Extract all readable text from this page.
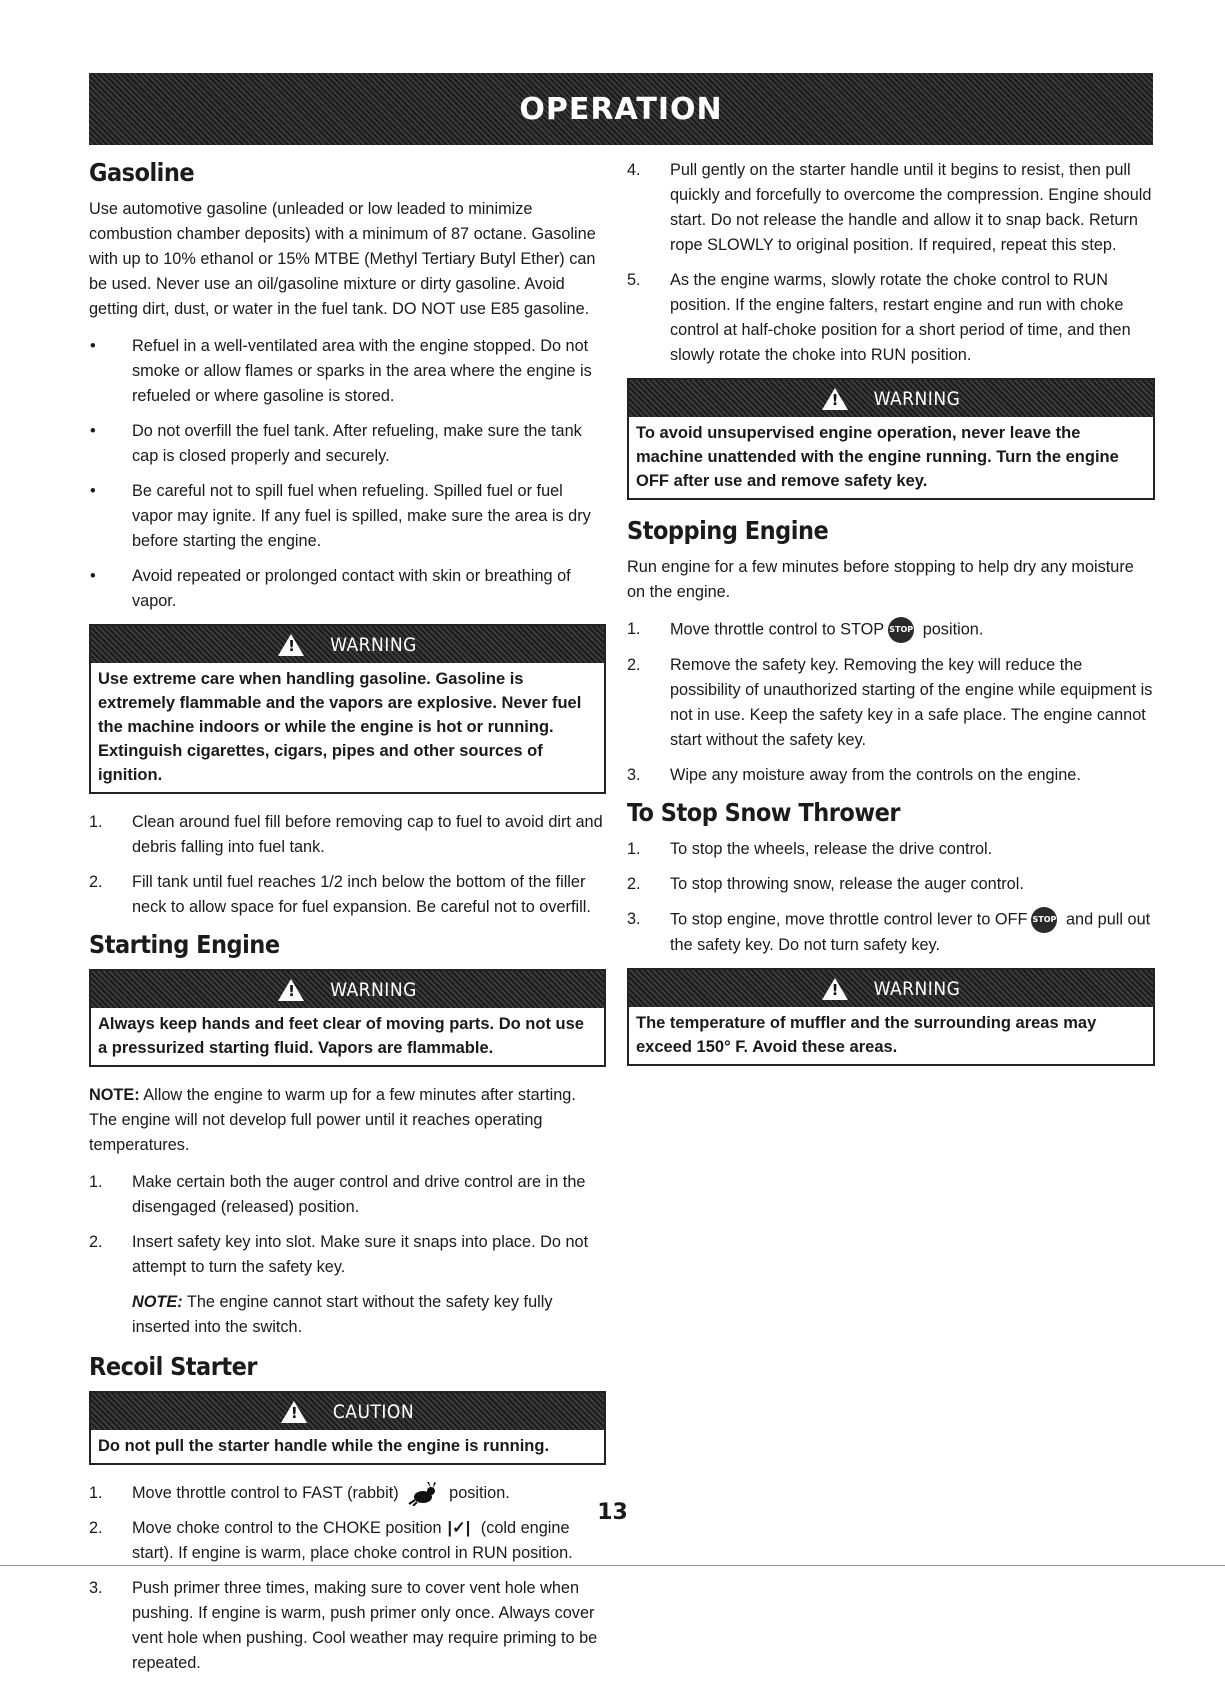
OPERATION
Gasoline

Use automotive gasoline (unleaded or low leaded to minimize combustion chamber deposits) with a minimum of 87 octane. Gasoline with up to 10% ethanol or 15% MTBE (Methyl Tertiary Butyl Ether) can be used. Never use an oil/gasoline mixture or dirty gasoline. Avoid getting dirt, dust, or water in the fuel tank. DO NOT use E85 gasoline.

• Refuel in a well-ventilated area with the engine stopped. Do not smoke or allow flames or sparks in the area where the engine is refueled or where gasoline is stored.
• Do not overfill the fuel tank. After refueling, make sure the tank cap is closed properly and securely.
• Be careful not to spill fuel when refueling. Spilled fuel or fuel vapor may ignite. If any fuel is spilled, make sure the area is dry before starting the engine.
• Avoid repeated or prolonged contact with skin or breathing of vapor.
!
WARNING
Use extreme care when handling gasoline. Gasoline is extremely flammable and the vapors are explosive. Never fuel the machine indoors or while the engine is hot or running. Extinguish cigarettes, cigars, pipes and other sources of ignition.
1. Clean around fuel fill before removing cap to fuel to avoid dirt and debris falling into fuel tank.
2. Fill tank until fuel reaches 1/2 inch below the bottom of the filler neck to allow space for fuel expansion. Be careful not to overfill.
Starting Engine
!
WARNING
Always keep hands and feet clear of moving parts. Do not use a pressurized starting fluid. Vapors are flammable.

NOTE: Allow the engine to warm up for a few minutes after starting. The engine will not develop full power until it reaches operating temperatures.

1. Make certain both the auger control and drive control are in the disengaged (released) position.
2. Insert safety key into slot. Make sure it snaps into place. Do not attempt to turn the safety key.

NOTE: The engine cannot start without the safety key fully inserted into the switch.

Recoil Starter
!
CAUTION
Do not pull the starter handle while the engine is running.
1. Move throttle control to FAST (rabbit)	position.
2. Move choke control to the CHOKE position |✓| (cold engine start). If engine is warm, place choke control in RUN position.
3. Push primer three times, making sure to cover vent hole when pushing. If engine is warm, push primer only once. Always cover vent hole when pushing. Cool weather may require priming to be repeated.
4. Pull gently on the starter handle until it begins to resist, then pull quickly and forcefully to overcome the compression. Engine should start. Do not release the handle and allow it to snap back. Return rope SLOWLY to original position. If required, repeat this step.
5. As the engine warms, slowly rotate the choke control to RUN position. If the engine falters, restart engine and run with choke control at half-choke position for a short period of time, and then slowly rotate the choke into RUN position.
!
WARNING
To avoid unsupervised engine operation, never leave the machine unattended with the engine running. Turn the engine OFF after use and remove safety key.
Stopping Engine

Run engine for a few minutes before stopping to help dry any moisture on the engine.

1. Move throttle control to STOP STOP position.
2. Remove the safety key. Removing the key will reduce the possibility of unauthorized starting of the engine while equipment is not in use. Keep the safety key in a safe place. The engine cannot start without the safety key.
3. Wipe any moisture away from the controls on the engine.
To Stop Snow Thrower
1. To stop the wheels, release the drive control.
2. To stop throwing snow, release the auger control.
3. To stop engine, move throttle control lever to OFF STOP and pull out the safety key. Do not turn safety key.
!
WARNING
The temperature of muffler and the surrounding areas may exceed 150° F. Avoid these areas.
13
